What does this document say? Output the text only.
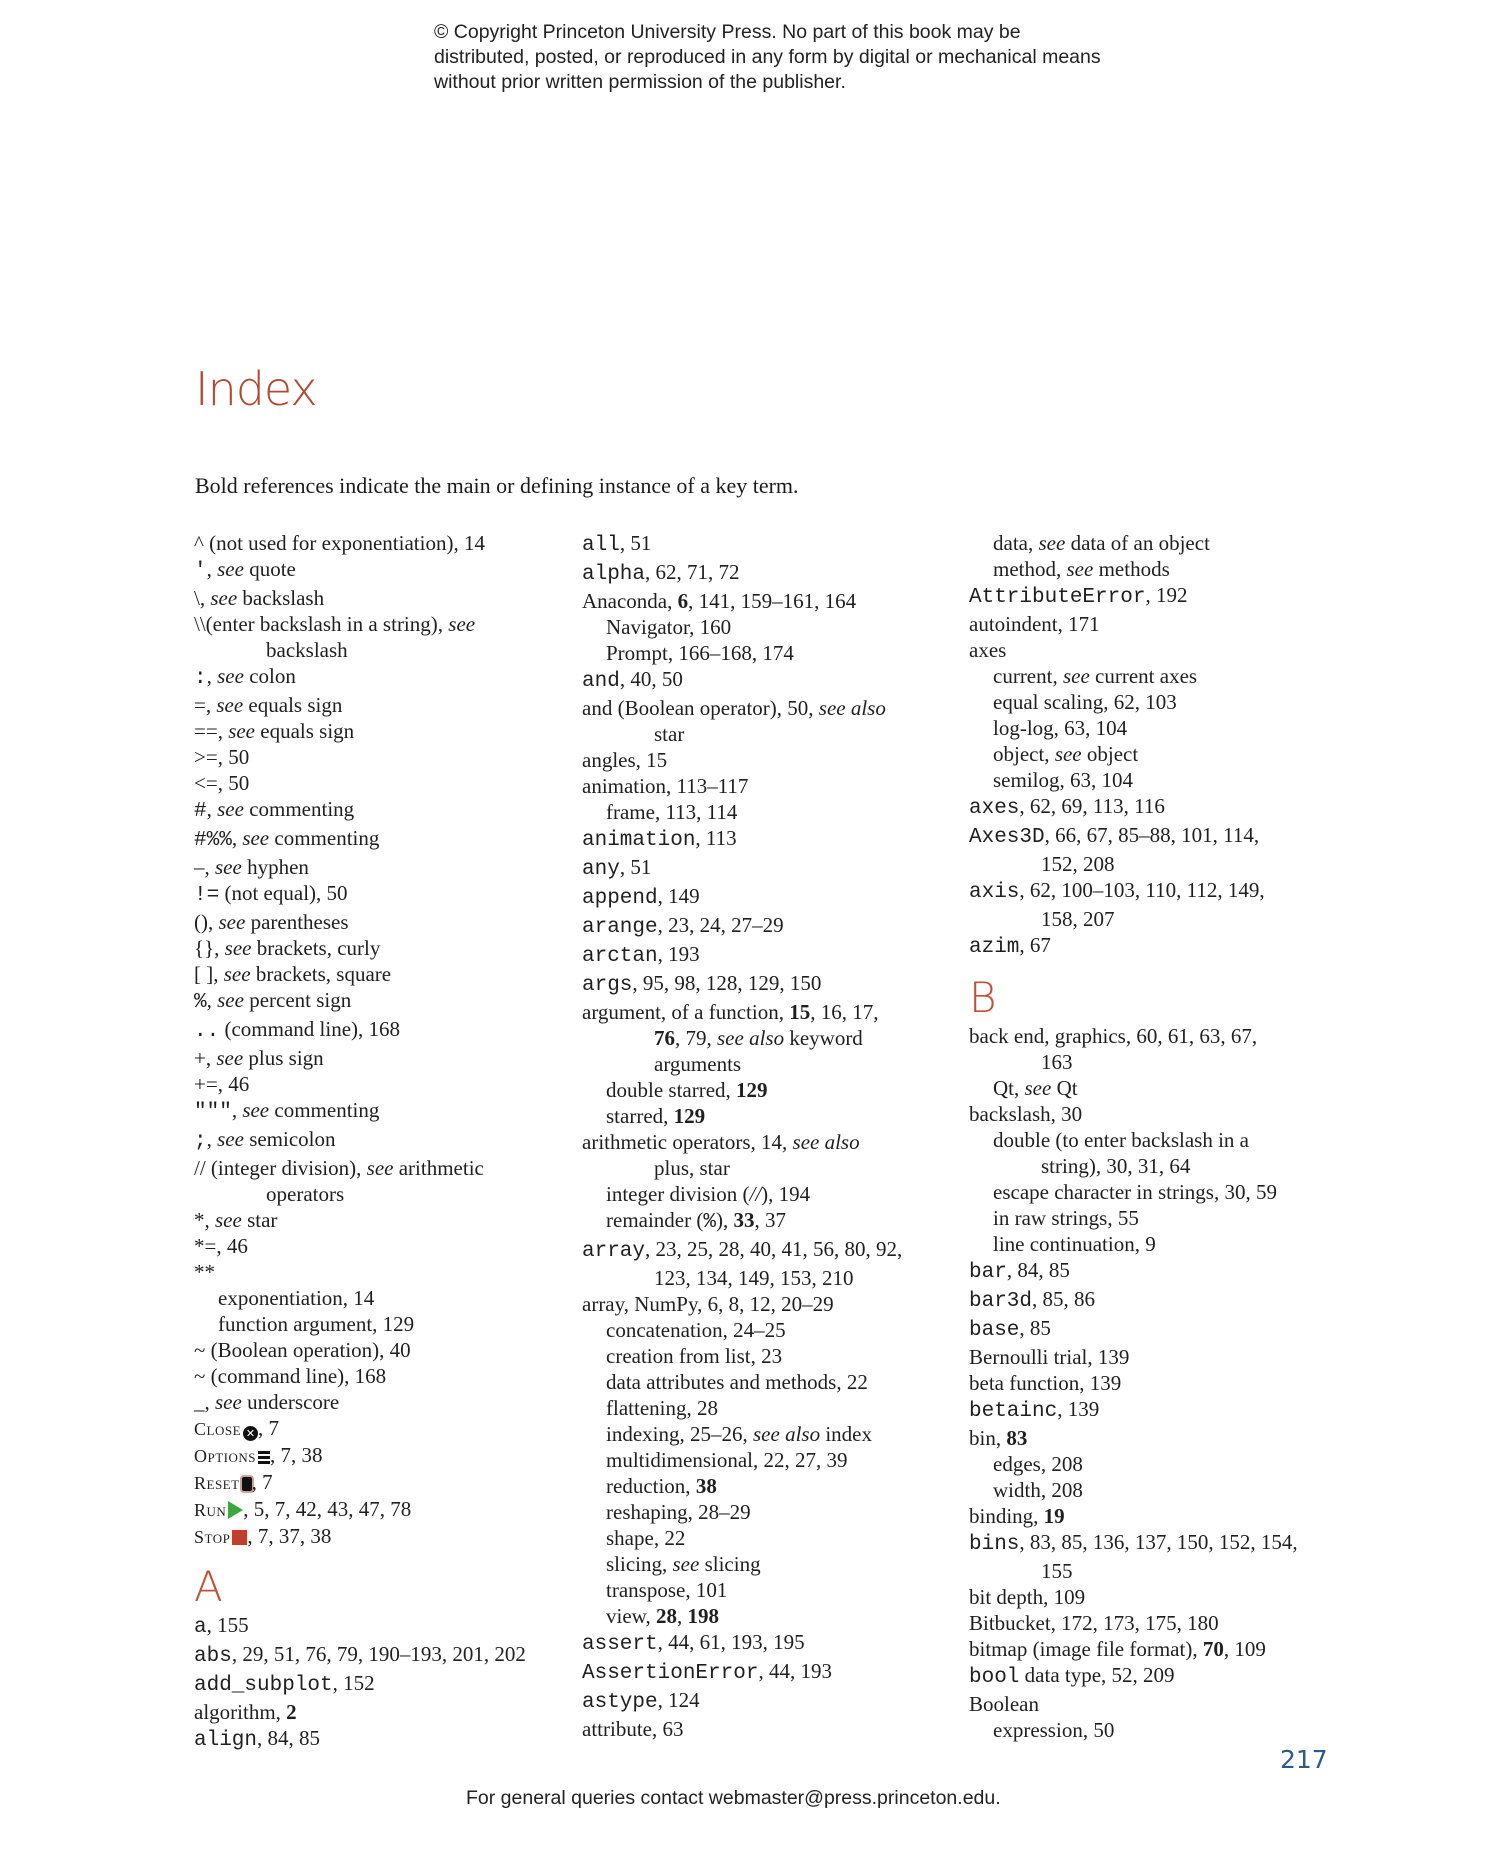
© Copyright Princeton University Press. No part of this book may be distributed, posted, or reproduced in any form by digital or mechanical means without prior written permission of the publisher.
Index
Bold references indicate the main or defining instance of a key term.
^ (not used for exponentiation), 14
', see quote
\, see backslash
\\(enter backslash in a string), see
backslash
:, see colon
=, see equals sign
==, see equals sign
>=, 50
<=, 50
#, see commenting
#%%, see commenting
–, see hyphen
!= (not equal), 50
(), see parentheses
{}, see brackets, curly
[ ], see brackets, square
%, see percent sign
.. (command line), 168
+, see plus sign
+=, 46
""", see commenting
;, see semicolon
// (integer division), see arithmetic
operators
*, see star
*=, 46
**
exponentiation, 14
function argument, 129
~ (Boolean operation), 40
~ (command line), 168
_, see underscore
Close ✕ , 7
Options , 7, 38
Reset , 7
Run , 5, 7, 42, 43, 47, 78
Stop , 7, 37, 38
A
a, 155
abs, 29, 51, 76, 79, 190–193, 201, 202
add_subplot, 152
algorithm, 2
align, 84, 85
all, 51
alpha, 62, 71, 72
Anaconda, 6, 141, 159–161, 164
Navigator, 160
Prompt, 166–168, 174
and, 40, 50
and (Boolean operator), 50, see also
star
angles, 15
animation, 113–117
frame, 113, 114
animation, 113
any, 51
append, 149
arange, 23, 24, 27–29
arctan, 193
args, 95, 98, 128, 129, 150
argument, of a function, 15, 16, 17,
76, 79, see also keyword
arguments
double starred, 129
starred, 129
arithmetic operators, 14, see also
plus, star
integer division (//), 194
remainder (%), 33, 37
array, 23, 25, 28, 40, 41, 56, 80, 92,
123, 134, 149, 153, 210
array, NumPy, 6, 8, 12, 20–29
concatenation, 24–25
creation from list, 23
data attributes and methods, 22
flattening, 28
indexing, 25–26, see also index
multidimensional, 22, 27, 39
reduction, 38
reshaping, 28–29
shape, 22
slicing, see slicing
transpose, 101
view, 28, 198
assert, 44, 61, 193, 195
AssertionError, 44, 193
astype, 124
attribute, 63
data, see data of an object
method, see methods
AttributeError, 192
autoindent, 171
axes
current, see current axes
equal scaling, 62, 103
log-log, 63, 104
object, see object
semilog, 63, 104
axes, 62, 69, 113, 116
Axes3D, 66, 67, 85–88, 101, 114,
152, 208
axis, 62, 100–103, 110, 112, 149,
158, 207
azim, 67
B
back end, graphics, 60, 61, 63, 67,
163
Qt, see Qt
backslash, 30
double (to enter backslash in a
string), 30, 31, 64
escape character in strings, 30, 59
in raw strings, 55
line continuation, 9
bar, 84, 85
bar3d, 85, 86
base, 85
Bernoulli trial, 139
beta function, 139
betainc, 139
bin, 83
edges, 208
width, 208
binding, 19
bins, 83, 85, 136, 137, 150, 152, 154,
155
bit depth, 109
Bitbucket, 172, 173, 175, 180
bitmap (image file format), 70, 109
bool data type, 52, 209
Boolean
expression, 50
217
For general queries contact webmaster@press.princeton.edu.
